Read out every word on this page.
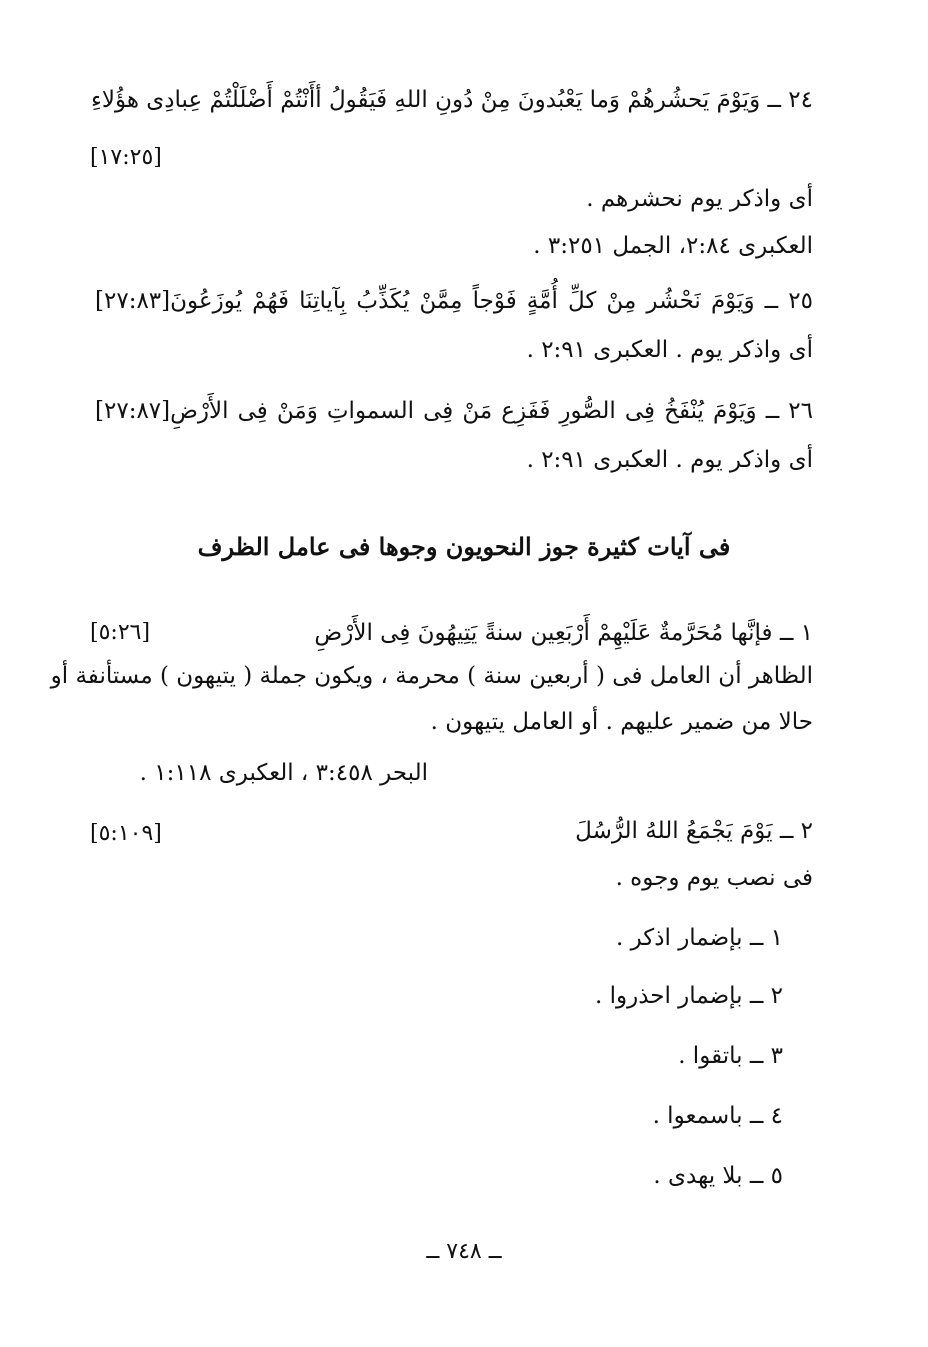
٢٤ ــ وَيَوْمَ يَحشُرهُمْ وَما يَعْبُدونَ مِنْ دُونِ اللهِ فَيَقُولُ أأَنْتُمْ أَضْلَلْتُمْ عِبادِى هؤُلاءِ
[١٧:٢٥]
أى واذكر يوم نحشرهم .
العكبرى ٢:٨٤، الجمل ٣:٢٥١ .
٢٥ ــ وَيَوْمَ نَحْشُر مِنْ كلِّ أُمَّةٍ فَوْجاً مِمَّنْ يُكَذِّبُ بِآياتِنَا فَهُمْ يُوزَعُونَ[٢٧:٨٣]
أى واذكر يوم . العكبرى ٢:٩١ .
٢٦ ــ وَيَوْمَ يُنْفَخُ فِى الصُّورِ فَفَزِع مَنْ فِى السمواتِ وَمَنْ فِى الأَرْضِ[٢٧:٨٧]
أى واذكر يوم . العكبرى ٢:٩١ .
فى آيات كثيرة جوز النحويون وجوها فى عامل الظرف
١ ــ فإنَّها مُحَرَّمةٌ عَلَيْهِمْ أَرْبَعِين سنةً يَتِيهُونَ فِى الأَرْضِ
[٥:٢٦]
الظاهر أن العامل فى ( أربعين سنة ) محرمة ، ويكون جملة ( يتيهون ) مستأنفة أو
حالا من ضمير عليهم . أو العامل يتيهون .
البحر ٣:٤٥٨ ، العكبرى ١:١١٨ .
٢ ــ يَوْمَ يَجْمَعُ اللهُ الرُّسُلَ
[٥:١٠٩]
فى نصب يوم وجوه .
١ ــ بإضمار اذكر .
٢ ــ بإضمار احذروا .
٣ ــ باتقوا .
٤ ــ باسمعوا .
٥ ــ بلا يهدى .
ــ ٧٤٨ ــ
